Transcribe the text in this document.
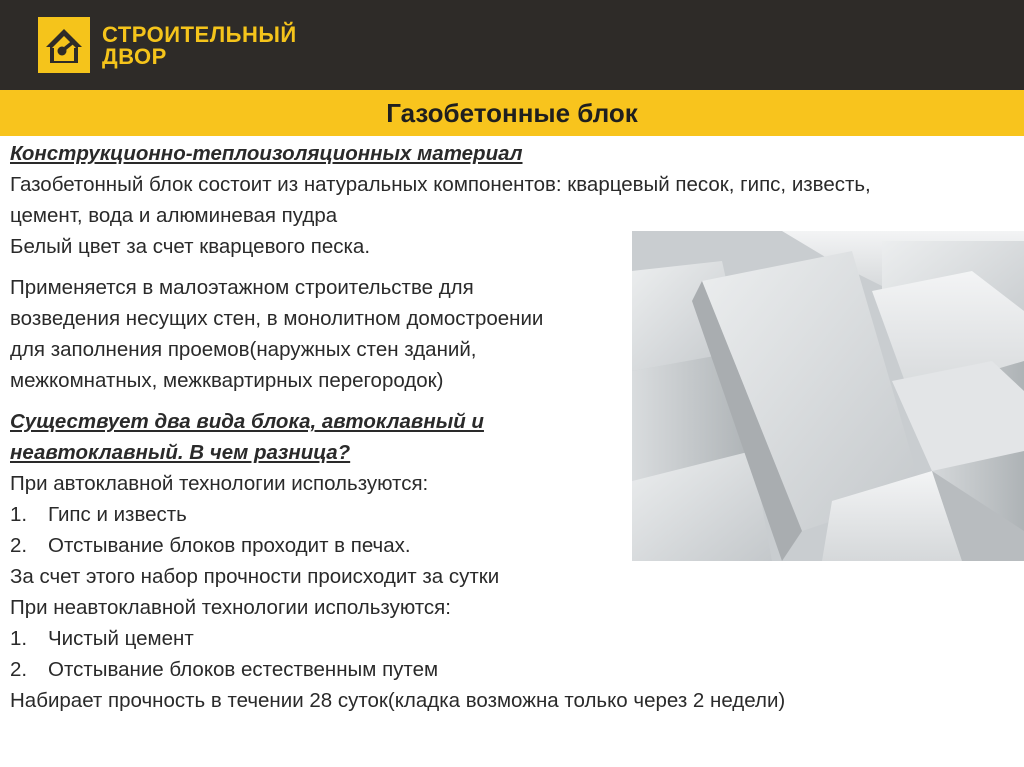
СТРОИТЕЛЬНЫЙ
ДВОР
Газобетонные блок

Конструкционно-теплоизоляционных материал

Газобетонный блок состоит из натуральных компонентов: кварцевый песок, гипс, известь,

цемент, вода и алюминевая пудра

Белый цвет за счет кварцевого песка.

Применяется в малоэтажном строительстве для

возведения несущих стен, в монолитном домостроении

для заполнения проемов(наружных стен зданий,

межкомнатных, межквартирных перегородок)

Существует два вида блока, автоклавный и

неавтоклавный. В чем разница?

При автоклавной технологии используются:

1.	Гипс и известь
2.	Отстывание блоков проходит в печах.

За счет этого набор прочности происходит за сутки

При неавтоклавной технологии используются:

1.	Чистый цемент
2.	Отстывание блоков естественным путем

Набирает прочность в течении 28 суток(кладка возможна только через 2 недели)
